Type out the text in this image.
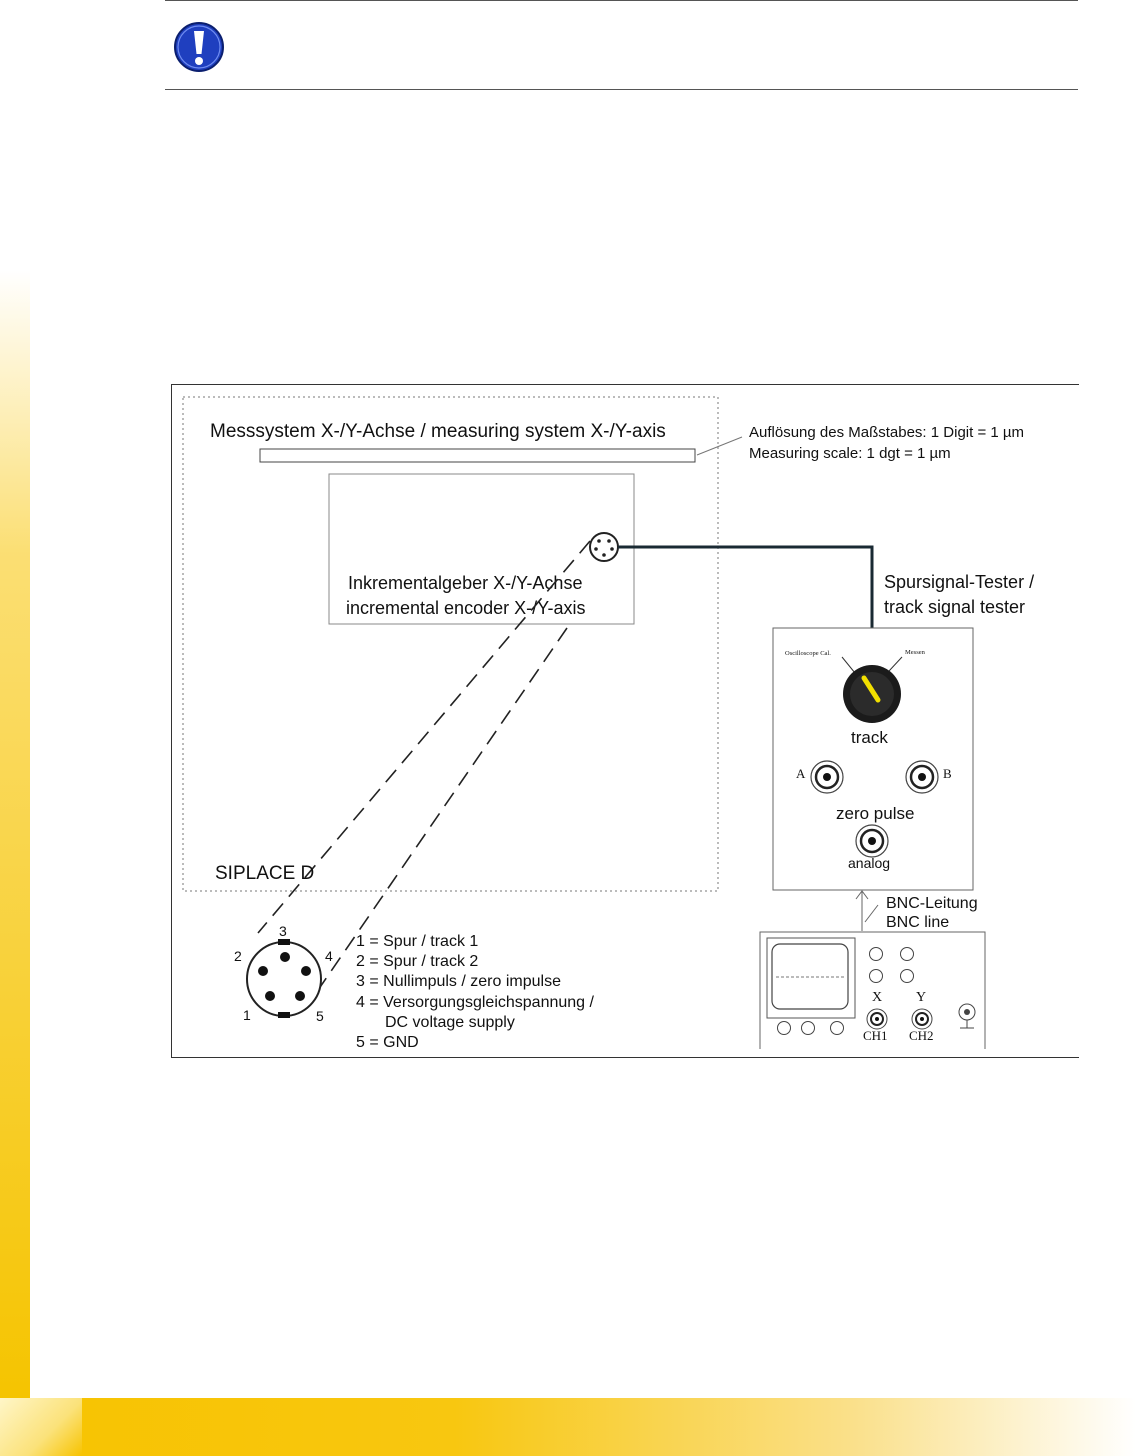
Messsystem X-/Y-Achse / measuring system X-/Y-axis	Auflösung des Maßstabes: 1 Digit = 1 µm
Measuring scale: 1 dgt = 1 µm
Inkrementalgeber X-/Y-Achse
incremental encoder X-/Y-axis
Spursignal-Tester /
track signal tester
Oscilloscope Cal.	Messen
track
A	B
zero pulse
analog
BNC-Leitung
BNC line
SIPLACE D
X Y
CH1 CH2
3
2	4
1	5
1 = Spur / track 1
2 = Spur / track 2
3 = Nullimpuls / zero impulse
4 = Versorgungsgleichspannung /
DC voltage supply
5 = GND
